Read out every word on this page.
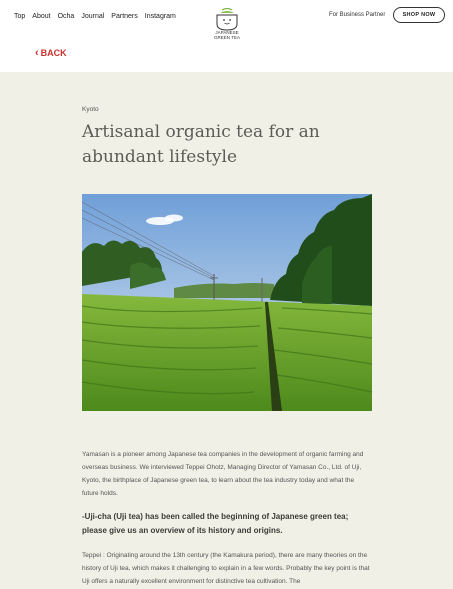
Top About Ocha Journal Partners Instagram
JAPANESE
GREEN TEA
For Business Partner	SHOP NOW
‹ BACK
Kyoto
Artisanal organic tea for an abundant lifestyle

Yamasan is a pioneer among Japanese tea companies in the development of organic farming and overseas business. We interviewed Teppei Ohotz, Managing Director of Yamasan Co., Ltd. of Uji, Kyoto, the birthplace of Japanese green tea, to learn about the tea industry today and what the future holds.

-Uji-cha (Uji tea) has been called the beginning of Japanese green tea; please give us an overview of its history and origins.

Teppei : Originating around the 13th century (the Kamakura period), there are many theories on the history of Uji tea, which makes it challenging to explain in a few words. Probably the key point is that Uji offers a naturally excellent environment for distinctive tea cultivation. The
